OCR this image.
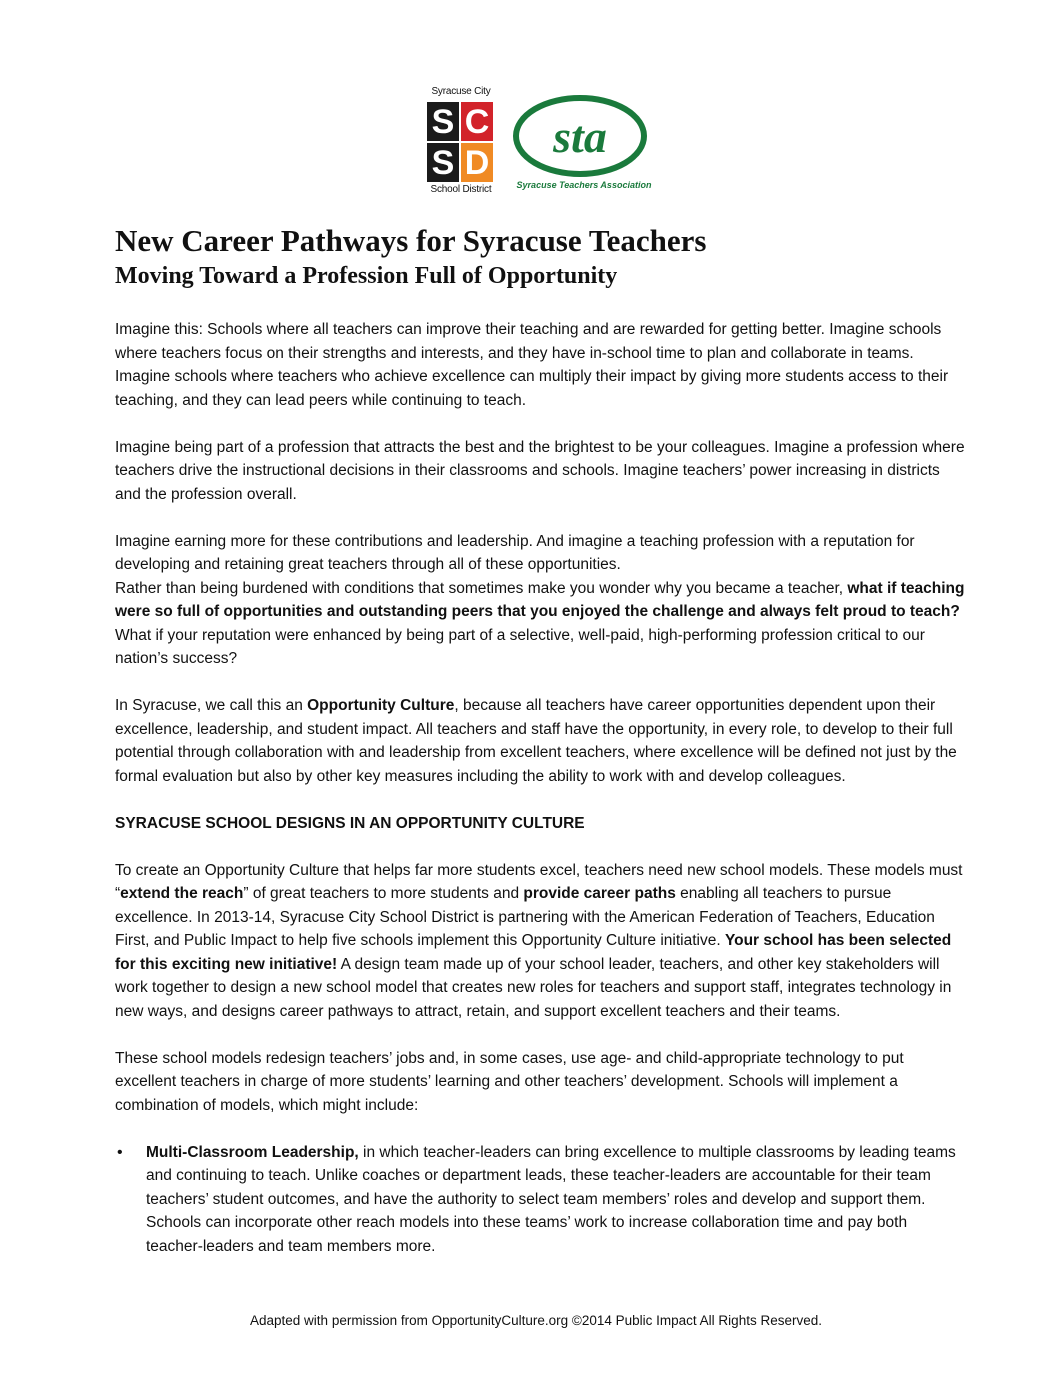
Syracuse City
S C
S D
School District
sta
Syracuse Teachers Association
New Career Pathways for Syracuse Teachers
Moving Toward a Profession Full of Opportunity

Imagine this: Schools where all teachers can improve their teaching and are rewarded for getting better. Imagine schools where teachers focus on their strengths and interests, and they have in-school time to plan and collaborate in teams. Imagine schools where teachers who achieve excellence can multiply their impact by giving more students access to their teaching, and they can lead peers while continuing to teach.

Imagine being part of a profession that attracts the best and the brightest to be your colleagues. Imagine a profession where teachers drive the instructional decisions in their classrooms and schools. Imagine teachers’ power increasing in districts and the profession overall.

Imagine earning more for these contributions and leadership. And imagine a teaching profession with a reputation for developing and retaining great teachers through all of these opportunities.

Rather than being burdened with conditions that sometimes make you wonder why you became a teacher, what if teaching were so full of opportunities and outstanding peers that you enjoyed the challenge and always felt proud to teach? What if your reputation were enhanced by being part of a selective, well-paid, high-performing profession critical to our nation’s success?

In Syracuse, we call this an Opportunity Culture, because all teachers have career opportunities dependent upon their excellence, leadership, and student impact. All teachers and staff have the opportunity, in every role, to develop to their full potential through collaboration with and leadership from excellent teachers, where excellence will be defined not just by the formal evaluation but also by other key measures including the ability to work with and develop colleagues.

SYRACUSE SCHOOL DESIGNS IN AN OPPORTUNITY CULTURE

To create an Opportunity Culture that helps far more students excel, teachers need new school models. These models must “extend the reach” of great teachers to more students and provide career paths enabling all teachers to pursue excellence. In 2013-14, Syracuse City School District is partnering with the American Federation of Teachers, Education First, and Public Impact to help five schools implement this Opportunity Culture initiative. Your school has been selected for this exciting new initiative! A design team made up of your school leader, teachers, and other key stakeholders will work together to design a new school model that creates new roles for teachers and support staff, integrates technology in new ways, and designs career pathways to attract, retain, and support excellent teachers and their teams.

These school models redesign teachers’ jobs and, in some cases, use age- and child-appropriate technology to put excellent teachers in charge of more students’ learning and other teachers’ development. Schools will implement a combination of models, which might include:

• Multi-Classroom Leadership, in which teacher-leaders can bring excellence to multiple classrooms by leading teams and continuing to teach. Unlike coaches or department leads, these teacher-leaders are accountable for their team teachers’ student outcomes, and have the authority to select team members’ roles and develop and support them. Schools can incorporate other reach models into these teams’ work to increase collaboration time and pay both teacher-leaders and team members more.
Adapted with permission from OpportunityCulture.org ©2014 Public Impact All Rights Reserved.
